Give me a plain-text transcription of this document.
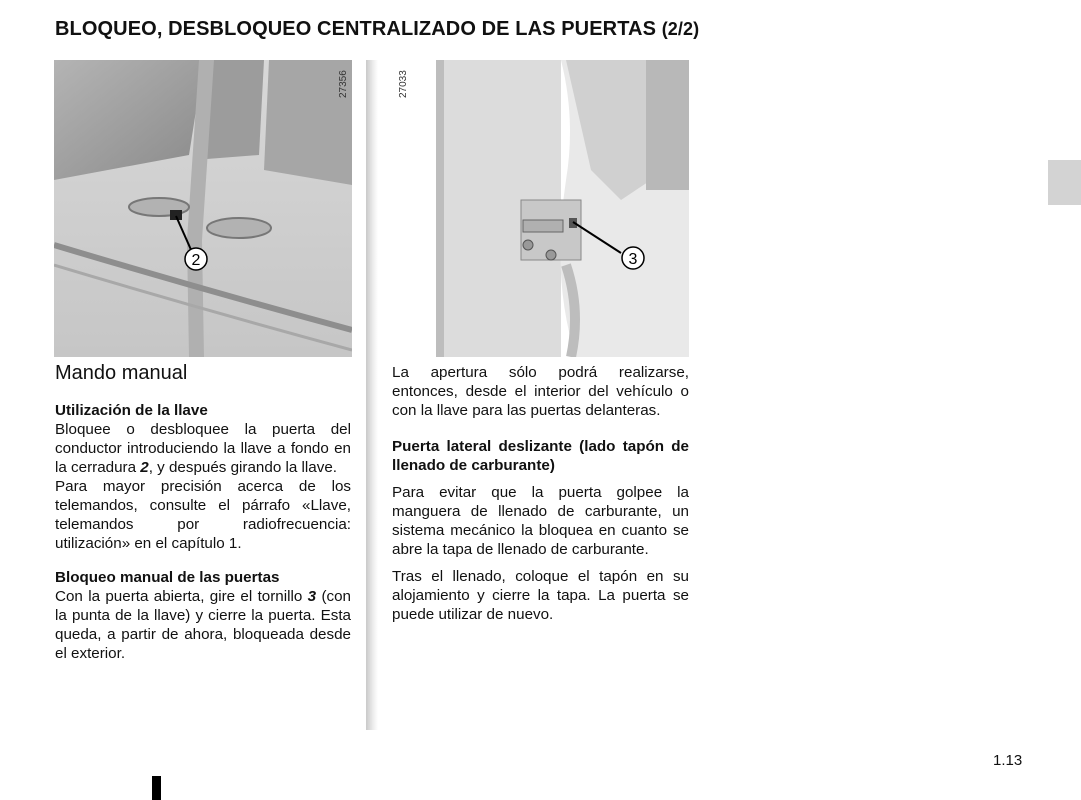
BLOQUEO, DESBLOQUEO CENTRALIZADO DE LAS PUERTAS (2/2)
2
27356
3
27033
Mando manual

Utilización de la llave

Bloquee o desbloquee la puerta del conductor introduciendo la llave a fondo en la cerradura 2, y después girando la llave.

Para mayor precisión acerca de los telemandos, consulte el párrafo «Llave, telemandos por radiofrecuencia: utilización» en el capítulo 1.

Bloqueo manual de las puertas

Con la puerta abierta, gire el tornillo 3 (con la punta de la llave) y cierre la puerta. Esta queda, a partir de ahora, bloqueada desde el exterior.

La apertura sólo podrá realizarse, entonces, desde el interior del vehículo o con la llave para las puertas delanteras.

Puerta lateral deslizante (lado tapón de llenado de carburante)

Para evitar que la puerta golpee la manguera de llenado de carburante, un sistema mecánico la bloquea en cuanto se abre la tapa de llenado de carburante.

Tras el llenado, coloque el tapón en su alojamiento y cierre la tapa. La puerta se puede utilizar de nuevo.

1.13
